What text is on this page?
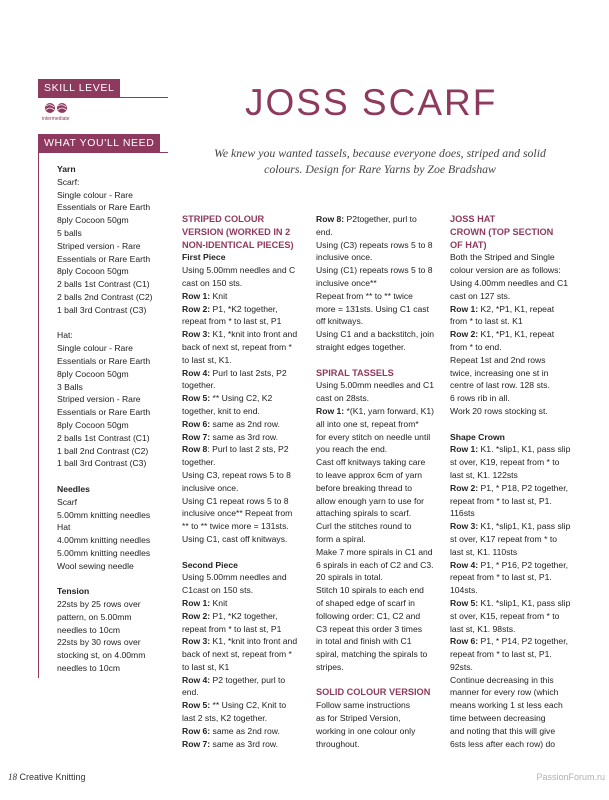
SKILL LEVEL
intermediate
WHAT YOU'LL NEED
Yarn
Scarf:
Single colour - Rare
Essentials or Rare Earth
8ply Cocoon 50gm
5 balls
Striped version - Rare
Essentials or Rare Earth
8ply Cocoon 50gm
2 balls 1st Contrast (C1)
2 balls 2nd Contrast (C2)
1 ball 3rd Contrast (C3)
Hat:
Single colour - Rare
Essentials or Rare Earth
8ply Cocoon 50gm
3 Balls
Striped version - Rare
Essentials or Rare Earth
8ply Cocoon 50gm
2 balls 1st Contrast (C1)
1 ball 2nd Contrast (C2)
1 ball 3rd Contrast (C3)
Needles
Scarf
5.00mm knitting needles
Hat
4.00mm knitting needles
5.00mm knitting needles
Wool sewing needle
Tension
22sts by 25 rows over
pattern, on 5.00mm
needles to 10cm
22sts by 30 rows over
stocking st, on 4.00mm
needles to 10cm
JOSS SCARF
We knew you wanted tassels, because everyone does, striped and solid colours. Design for Rare Yarns by Zoe Bradshaw
STRIPED COLOUR
VERSION (WORKED IN 2
NON-IDENTICAL PIECES)
First Piece
Using 5.00mm needles and C
cast on 150 sts.
Row 1: Knit
Row 2: P1, *K2 together,
repeat from * to last st, P1
Row 3: K1, *knit into front and
back of next st, repeat from *
to last st, K1.
Row 4: Purl to last 2sts, P2
together.
Row 5: ** Using C2, K2
together, knit to end.
Row 6: same as 2nd row.
Row 7: same as 3rd row.
Row 8: Purl to last 2 sts, P2
together.
Using C3, repeat rows 5 to 8
inclusive once.
Using C1 repeat rows 5 to 8
inclusive once** Repeat from
** to ** twice more = 131sts.
Using C1, cast off knitways.
Second Piece
Using 5.00mm needles and
C1cast on 150 sts.
Row 1: Knit
Row 2: P1, *K2 together,
repeat from * to last st, P1
Row 3: K1, *knit into front and
back of next st, repeat from *
to last st, K1
Row 4: P2 together, purl to
end.
Row 5: ** Using C2, Knit to
last 2 sts, K2 together.
Row 6: same as 2nd row.
Row 7: same as 3rd row.
Row 8: P2together, purl to
end.
Using (C3) repeats rows 5 to 8
inclusive once.
Using (C1) repeats rows 5 to 8
inclusive once**
Repeat from ** to ** twice
more = 131sts. Using C1 cast
off knitways.
Using C1 and a backstitch, join
straight edges together.
SPIRAL TASSELS
Using 5.00mm needles and C1
cast on 28sts.
Row 1: *(K1, yarn forward, K1)
all into one st, repeat from*
for every stitch on needle until
you reach the end.
Cast off knitways taking care
to leave approx 6cm of yarn
before breaking thread to
allow enough yarn to use for
attaching spirals to scarf.
Curl the stitches round to
form a spiral.
Make 7 more spirals in C1 and
6 spirals in each of C2 and C3.
20 spirals in total.
Stitch 10 spirals to each end
of shaped edge of scarf in
following order: C1, C2 and
C3 repeat this order 3 times
in total and finish with C1
spiral, matching the spirals to
stripes.
SOLID COLOUR VERSION
Follow same instructions
as for Striped Version,
working in one colour only
throughout.
JOSS HAT
CROWN (TOP SECTION
OF HAT)
Both the Striped and Single
colour version are as follows:
Using 4.00mm needles and C1
cast on 127 sts.
Row 1: K2, *P1, K1, repeat
from * to last st. K1
Row 2: K1, *P1, K1, repeat
from * to end.
Repeat 1st and 2nd rows
twice, increasing one st in
centre of last row. 128 sts.
6 rows rib in all.
Work 20 rows stocking st.
Shape Crown
Row 1: K1. *slip1, K1, pass slip
st over, K19, repeat from * to
last st, K1. 122sts
Row 2: P1, * P18, P2 together,
repeat from * to last st, P1.
116sts
Row 3: K1, *slip1, K1, pass slip
st over, K17 repeat from * to
last st, K1. 110sts
Row 4: P1, * P16, P2 together,
repeat from * to last st, P1.
104sts.
Row 5: K1. *slip1, K1, pass slip
st over, K15, repeat from * to
last st, K1. 98sts.
Row 6: P1, * P14, P2 together,
repeat from * to last st, P1.
92sts.
Continue decreasing in this
manner for every row (which
means working 1 st less each
time between decreasing
and noting that this will give
6sts less after each row) do
18 Creative Knitting	PassionForum.ru
